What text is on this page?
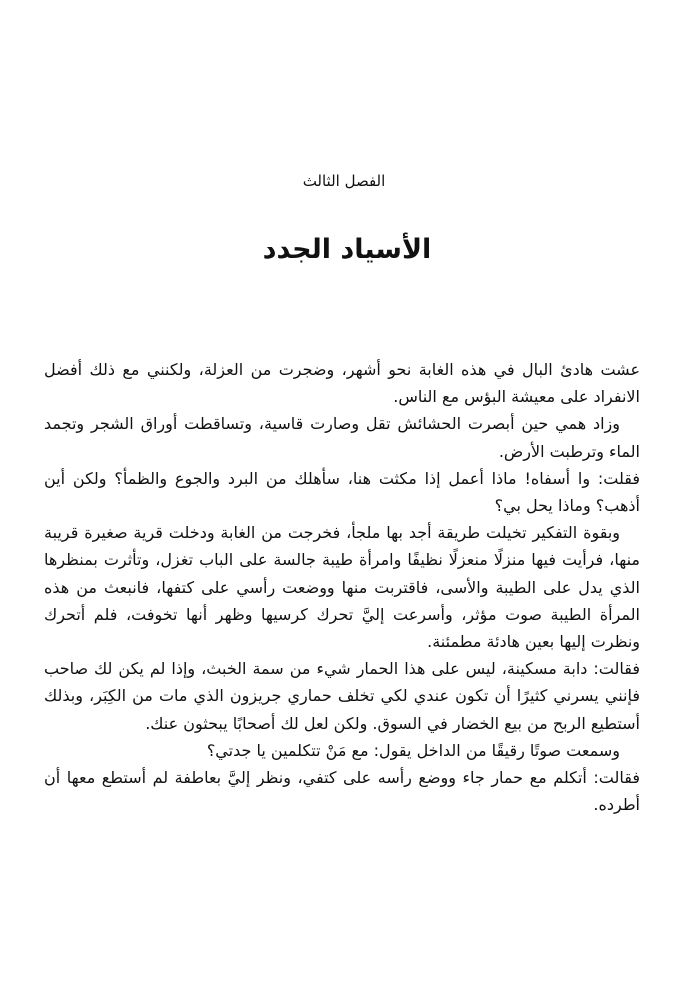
الفصل الثالث
الأسياد الجدد

عشت هادئ البال في هذه الغابة نحو أشهر، وضجرت من العزلة، ولكنني مع ذلك أفضل الانفراد على معيشة البؤس مع الناس.

وزاد همي حين أبصرت الحشائش تقل وصارت قاسية، وتساقطت أوراق الشجر وتجمد الماء وترطبت الأرض.

فقلت: وا أسفاه! ماذا أعمل إذا مكثت هنا، سأهلك من البرد والجوع والظمأ؟ ولكن أين أذهب؟ وماذا يحل بي؟

وبقوة التفكير تخيلت طريقة أجد بها ملجأ، فخرجت من الغابة ودخلت قرية صغيرة قريبة منها، فرأيت فيها منزلًا منعزلًا نظيفًا وامرأة طيبة جالسة على الباب تغزل، وتأثرت بمنظرها الذي يدل على الطيبة والأسى، فاقتربت منها ووضعت رأسي على كتفها، فانبعث من هذه المرأة الطيبة صوت مؤثر، وأسرعت إليَّ تحرك كرسيها وظهر أنها تخوفت، فلم أتحرك ونظرت إليها بعين هادئة مطمئنة.

فقالت: دابة مسكينة، ليس على هذا الحمار شيء من سمة الخبث، وإذا لم يكن لك صاحب فإنني يسرني كثيرًا أن تكون عندي لكي تخلف حماري جريزون الذي مات من الكِبَر، وبذلك أستطيع الربح من بيع الخضار في السوق. ولكن لعل لك أصحابًا يبحثون عنك.

وسمعت صوتًا رقيقًا من الداخل يقول: مع مَنْ تتكلمين يا جدتي؟

فقالت: أتكلم مع حمار جاء ووضع رأسه على كتفي، ونظر إليَّ بعاطفة لم أستطع معها أن أطرده.
